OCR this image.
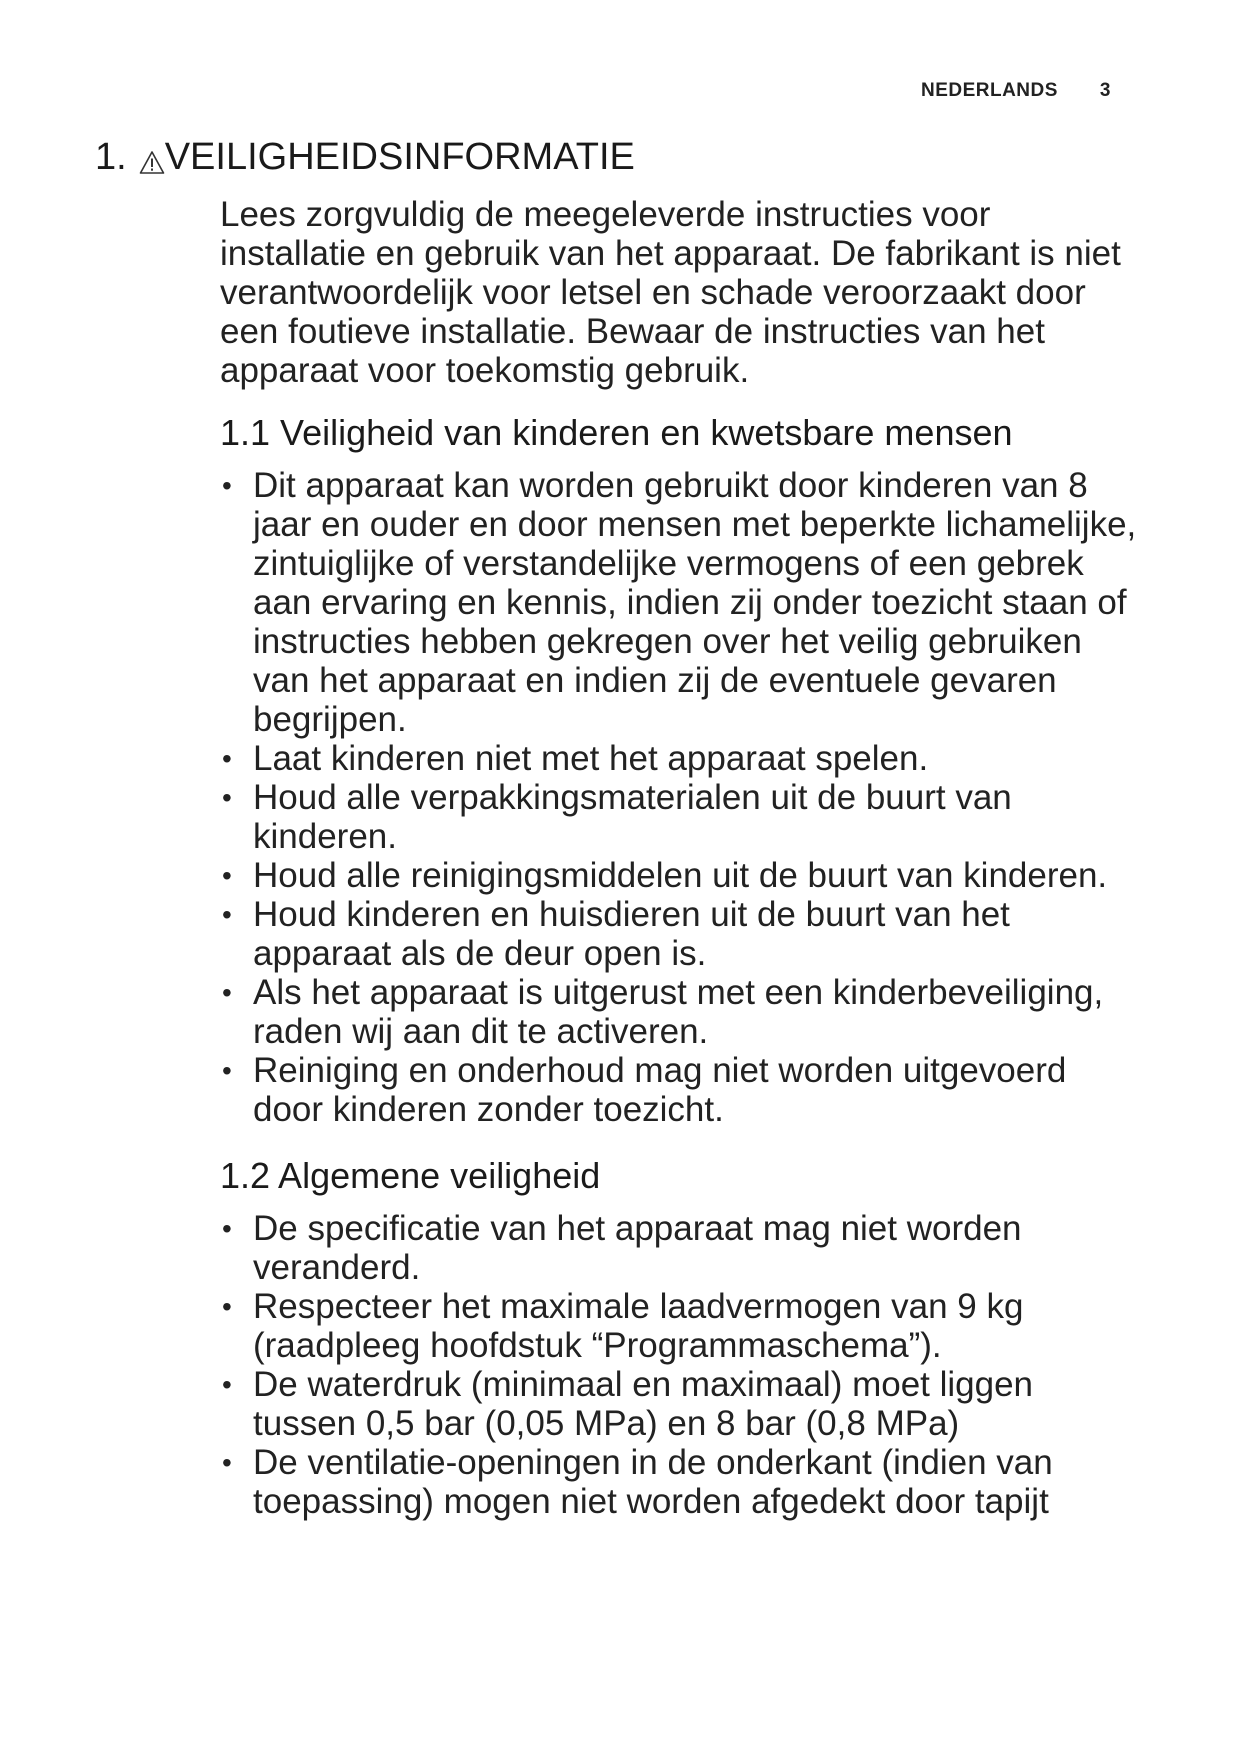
NEDERLANDS 3
1. VEILIGHEIDSINFORMATIE

Lees zorgvuldig de meegeleverde instructies voor installatie en gebruik van het apparaat. De fabrikant is niet verantwoordelijk voor letsel en schade veroorzaakt door een foutieve installatie. Bewaar de instructies van het apparaat voor toekomstig gebruik.

1.1 Veiligheid van kinderen en kwetsbare mensen
• Dit apparaat kan worden gebruikt door kinderen van 8 jaar en ouder en door mensen met beperkte lichamelijke, zintuiglijke of verstandelijke vermogens of een gebrek aan ervaring en kennis, indien zij onder toezicht staan of instructies hebben gekregen over het veilig gebruiken van het apparaat en indien zij de eventuele gevaren begrijpen.
• Laat kinderen niet met het apparaat spelen.
• Houd alle verpakkingsmaterialen uit de buurt van kinderen.
• Houd alle reinigingsmiddelen uit de buurt van kinderen.
• Houd kinderen en huisdieren uit de buurt van het apparaat als de deur open is.
• Als het apparaat is uitgerust met een kinderbeveiliging, raden wij aan dit te activeren.
• Reiniging en onderhoud mag niet worden uitgevoerd door kinderen zonder toezicht.
1.2 Algemene veiligheid
• De specificatie van het apparaat mag niet worden veranderd.
• Respecteer het maximale laadvermogen van 9 kg (raadpleeg hoofdstuk “Programmaschema”).
• De waterdruk (minimaal en maximaal) moet liggen tussen 0,5 bar (0,05 MPa) en 8 bar (0,8 MPa)
• De ventilatie-openingen in de onderkant (indien van toepassing) mogen niet worden afgedekt door tapijt
